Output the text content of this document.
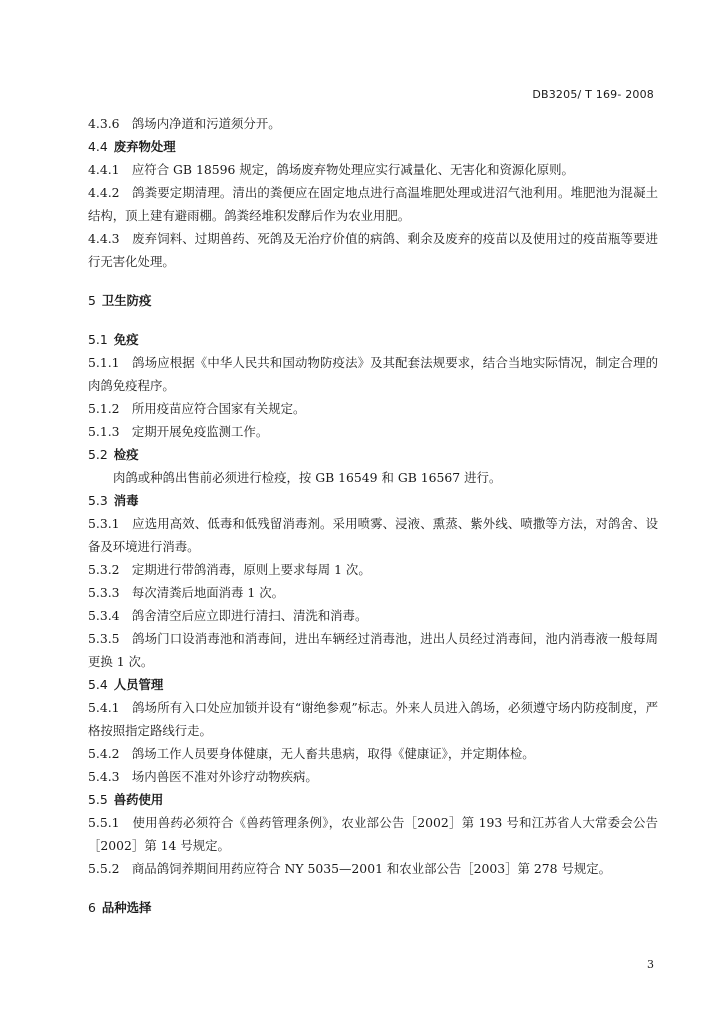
DB3205/ T 169- 2008

4.3.6　鸽场内净道和污道须分开。

4.4 废弃物处理

4.4.1　应符合 GB 18596 规定，鸽场废弃物处理应实行减量化、无害化和资源化原则。

4.4.2　鸽粪要定期清理。清出的粪便应在固定地点进行高温堆肥处理或进沼气池利用。堆肥池为混凝土结构，顶上建有避雨棚。鸽粪经堆积发酵后作为农业用肥。

4.4.3　废弃饲料、过期兽药、死鸽及无治疗价值的病鸽、剩余及废弃的疫苗以及使用过的疫苗瓶等要进行无害化处理。

5 卫生防疫
5.1 免疫

5.1.1　鸽场应根据《中华人民共和国动物防疫法》及其配套法规要求，结合当地实际情况，制定合理的肉鸽免疫程序。

5.1.2　所用疫苗应符合国家有关规定。

5.1.3　定期开展免疫监测工作。

5.2 检疫

肉鸽或种鸽出售前必须进行检疫，按 GB 16549 和 GB 16567 进行。

5.3 消毒

5.3.1　应选用高效、低毒和低残留消毒剂。采用喷雾、浸液、熏蒸、紫外线、喷撒等方法，对鸽舍、设备及环境进行消毒。

5.3.2　定期进行带鸽消毒，原则上要求每周 1 次。

5.3.3　每次清粪后地面消毒 1 次。

5.3.4　鸽舍清空后应立即进行清扫、清洗和消毒。

5.3.5　鸽场门口设消毒池和消毒间，进出车辆经过消毒池，进出人员经过消毒间，池内消毒液一般每周更换 1 次。

5.4 人员管理

5.4.1　鸽场所有入口处应加锁并设有“谢绝参观”标志。外来人员进入鸽场，必须遵守场内防疫制度，严格按照指定路线行走。

5.4.2　鸽场工作人员要身体健康，无人畜共患病，取得《健康证》，并定期体检。

5.4.3　场内兽医不准对外诊疗动物疾病。

5.5 兽药使用

5.5.1　使用兽药必须符合《兽药管理条例》，农业部公告［2002］第 193 号和江苏省人大常委会公告［2002］第 14 号规定。

5.5.2　商品鸽饲养期间用药应符合 NY 5035—2001 和农业部公告［2003］第 278 号规定。

6 品种选择
3
